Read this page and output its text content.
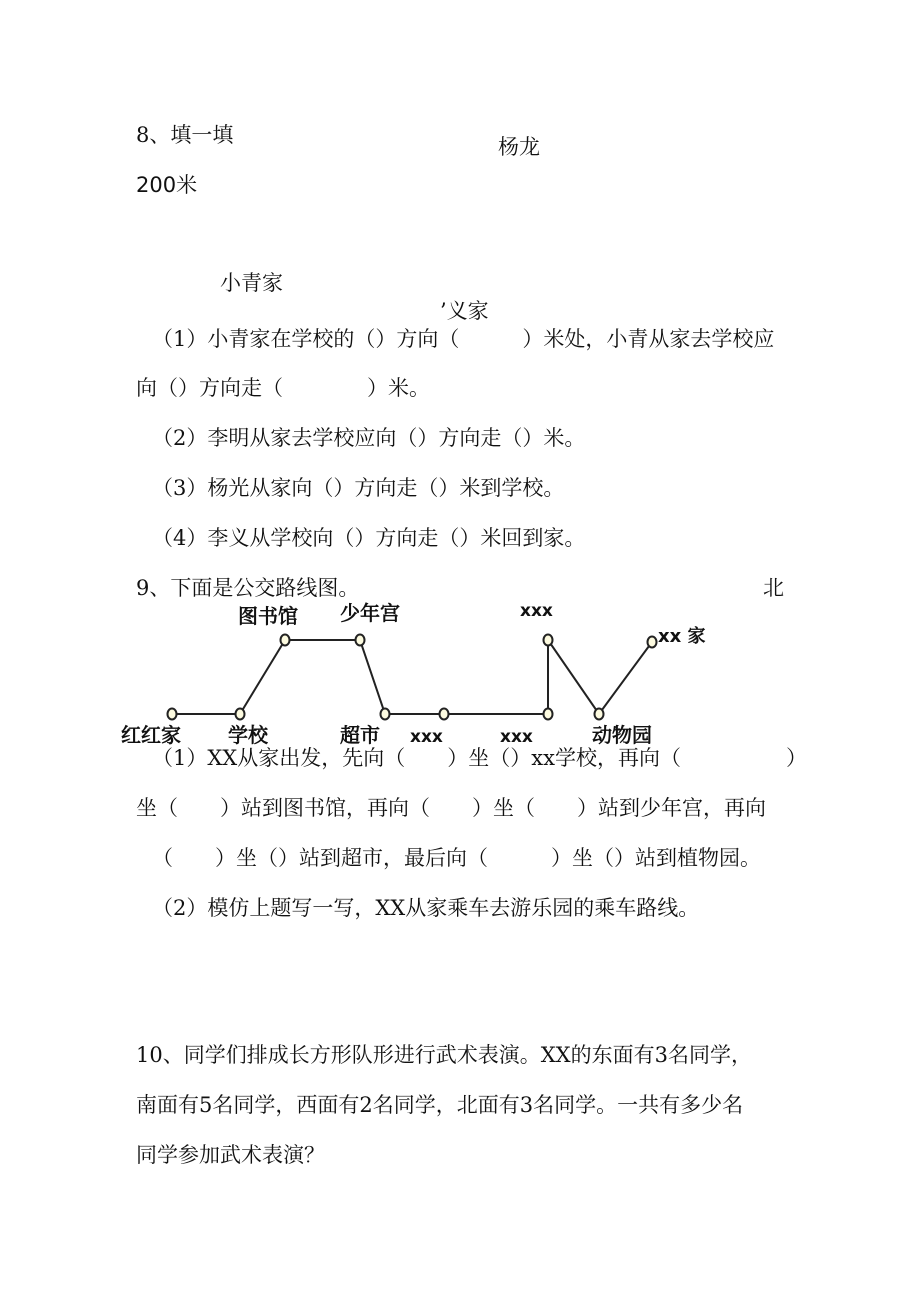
8、填一填	杨龙
200米
小青家
’义家
（1）小青家在学校的（）方向（　　　）米处，小青从家去学校应
向（）方向走（　　　　）米。
（2）李明从家去学校应向（）方向走（）米。
（3）杨光从家向（）方向走（）米到学校。
（4）李义从学校向（）方向走（）米回到家。
9、下面是公交路线图。	北
图书馆 少年宫	xxx
xx 家
红红家 学校	超市 xxx	xxx	动物园
（1）XX从家出发，先向（　　）坐（）xx学校，再向（　　　　　）
坐（　　）站到图书馆，再向（　　）坐（　　）站到少年宫，再向
（　　）坐（）站到超市，最后向（　　　）坐（）站到植物园。
（2）模仿上题写一写，XX从家乘车去游乐园的乘车路线。
10、同学们排成长方形队形进行武术表演。XX的东面有3名同学，
南面有5名同学，西面有2名同学，北面有3名同学。一共有多少名
同学参加武术表演？
